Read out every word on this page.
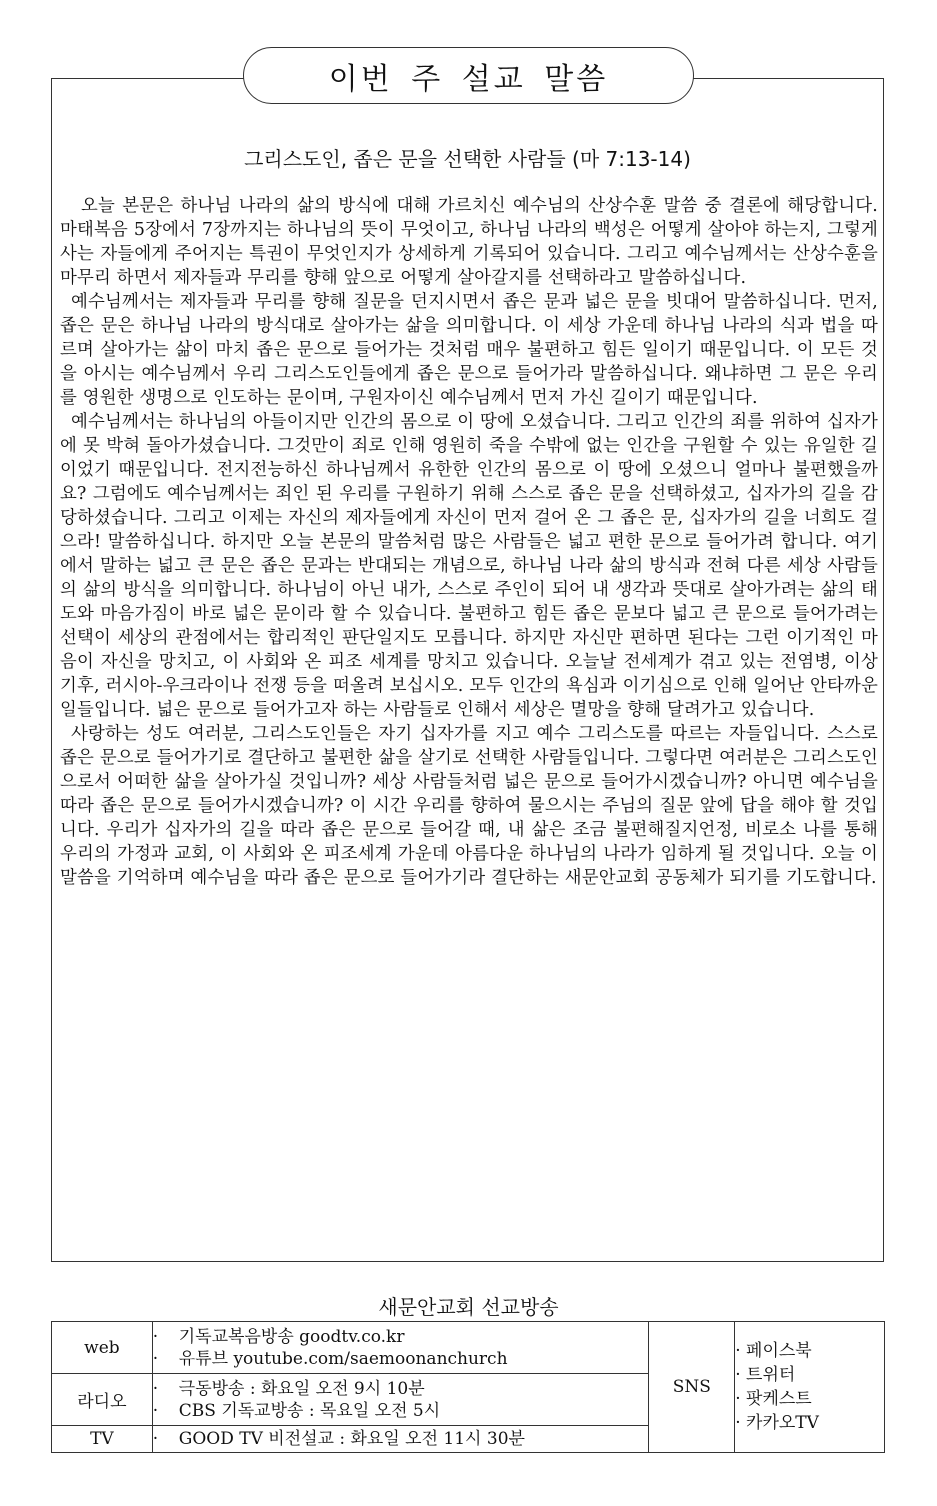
이번 주 설교 말씀
그리스도인, 좁은 문을 선택한 사람들 (마 7:13-14)

오늘 본문은 하나님 나라의 삶의 방식에 대해 가르치신 예수님의 산상수훈 말씀 중 결론에 해당합니다. 마태복음 5장에서 7장까지는 하나님의 뜻이 무엇이고, 하나님 나라의 백성은 어떻게 살아야 하는지, 그렇게 사는 자들에게 주어지는 특권이 무엇인지가 상세하게 기록되어 있습니다. 그리고 예수님께서는 산상수훈을 마무리 하면서 제자들과 무리를 향해 앞으로 어떻게 살아갈지를 선택하라고 말씀하십니다.

예수님께서는 제자들과 무리를 향해 질문을 던지시면서 좁은 문과 넓은 문을 빗대어 말씀하십니다. 먼저, 좁은 문은 하나님 나라의 방식대로 살아가는 삶을 의미합니다. 이 세상 가운데 하나님 나라의 식과 법을 따르며 살아가는 삶이 마치 좁은 문으로 들어가는 것처럼 매우 불편하고 힘든 일이기 때문입니다. 이 모든 것을 아시는 예수님께서 우리 그리스도인들에게 좁은 문으로 들어가라 말씀하십니다. 왜냐하면 그 문은 우리를 영원한 생명으로 인도하는 문이며, 구원자이신 예수님께서 먼저 가신 길이기 때문입니다.

예수님께서는 하나님의 아들이지만 인간의 몸으로 이 땅에 오셨습니다. 그리고 인간의 죄를 위하여 십자가에 못 박혀 돌아가셨습니다. 그것만이 죄로 인해 영원히 죽을 수밖에 없는 인간을 구원할 수 있는 유일한 길이었기 때문입니다. 전지전능하신 하나님께서 유한한 인간의 몸으로 이 땅에 오셨으니 얼마나 불편했을까요? 그럼에도 예수님께서는 죄인 된 우리를 구원하기 위해 스스로 좁은 문을 선택하셨고, 십자가의 길을 감당하셨습니다. 그리고 이제는 자신의 제자들에게 자신이 먼저 걸어 온 그 좁은 문, 십자가의 길을 너희도 걸으라! 말씀하십니다. 하지만 오늘 본문의 말씀처럼 많은 사람들은 넓고 편한 문으로 들어가려 합니다. 여기에서 말하는 넓고 큰 문은 좁은 문과는 반대되는 개념으로, 하나님 나라 삶의 방식과 전혀 다른 세상 사람들의 삶의 방식을 의미합니다. 하나님이 아닌 내가, 스스로 주인이 되어 내 생각과 뜻대로 살아가려는 삶의 태도와 마음가짐이 바로 넓은 문이라 할 수 있습니다. 불편하고 힘든 좁은 문보다 넓고 큰 문으로 들어가려는 선택이 세상의 관점에서는 합리적인 판단일지도 모릅니다. 하지만 자신만 편하면 된다는 그런 이기적인 마음이 자신을 망치고, 이 사회와 온 피조 세계를 망치고 있습니다. 오늘날 전세계가 겪고 있는 전염병, 이상 기후, 러시아-우크라이나 전쟁 등을 떠올려 보십시오. 모두 인간의 욕심과 이기심으로 인해 일어난 안타까운 일들입니다. 넓은 문으로 들어가고자 하는 사람들로 인해서 세상은 멸망을 향해 달려가고 있습니다.

사랑하는 성도 여러분, 그리스도인들은 자기 십자가를 지고 예수 그리스도를 따르는 자들입니다. 스스로 좁은 문으로 들어가기로 결단하고 불편한 삶을 살기로 선택한 사람들입니다. 그렇다면 여러분은 그리스도인으로서 어떠한 삶을 살아가실 것입니까? 세상 사람들처럼 넓은 문으로 들어가시겠습니까? 아니면 예수님을 따라 좁은 문으로 들어가시겠습니까? 이 시간 우리를 향하여 물으시는 주님의 질문 앞에 답을 해야 할 것입니다. 우리가 십자가의 길을 따라 좁은 문으로 들어갈 때, 내 삶은 조금 불편해질지언정, 비로소 나를 통해 우리의 가정과 교회, 이 사회와 온 피조세계 가운데 아름다운 하나님의 나라가 임하게 될 것입니다. 오늘 이 말씀을 기억하며 예수님을 따라 좁은 문으로 들어가기라 결단하는 새문안교회 공동체가 되기를 기도합니다.

새문안교회 선교방송
web	· 기독교복음방송 goodtv.co.kr
· 유튜브 youtube.com/saemoonanchurch	SNS	· 페이스북
· 트위터
· 팟케스트
· 카카오TV

라디오	· 극동방송 : 화요일 오전 9시 10분
· CBS 기독교방송 : 목요일 오전 5시		

TV	· GOOD TV 비전설교 : 화요일 오전 11시 30분		
